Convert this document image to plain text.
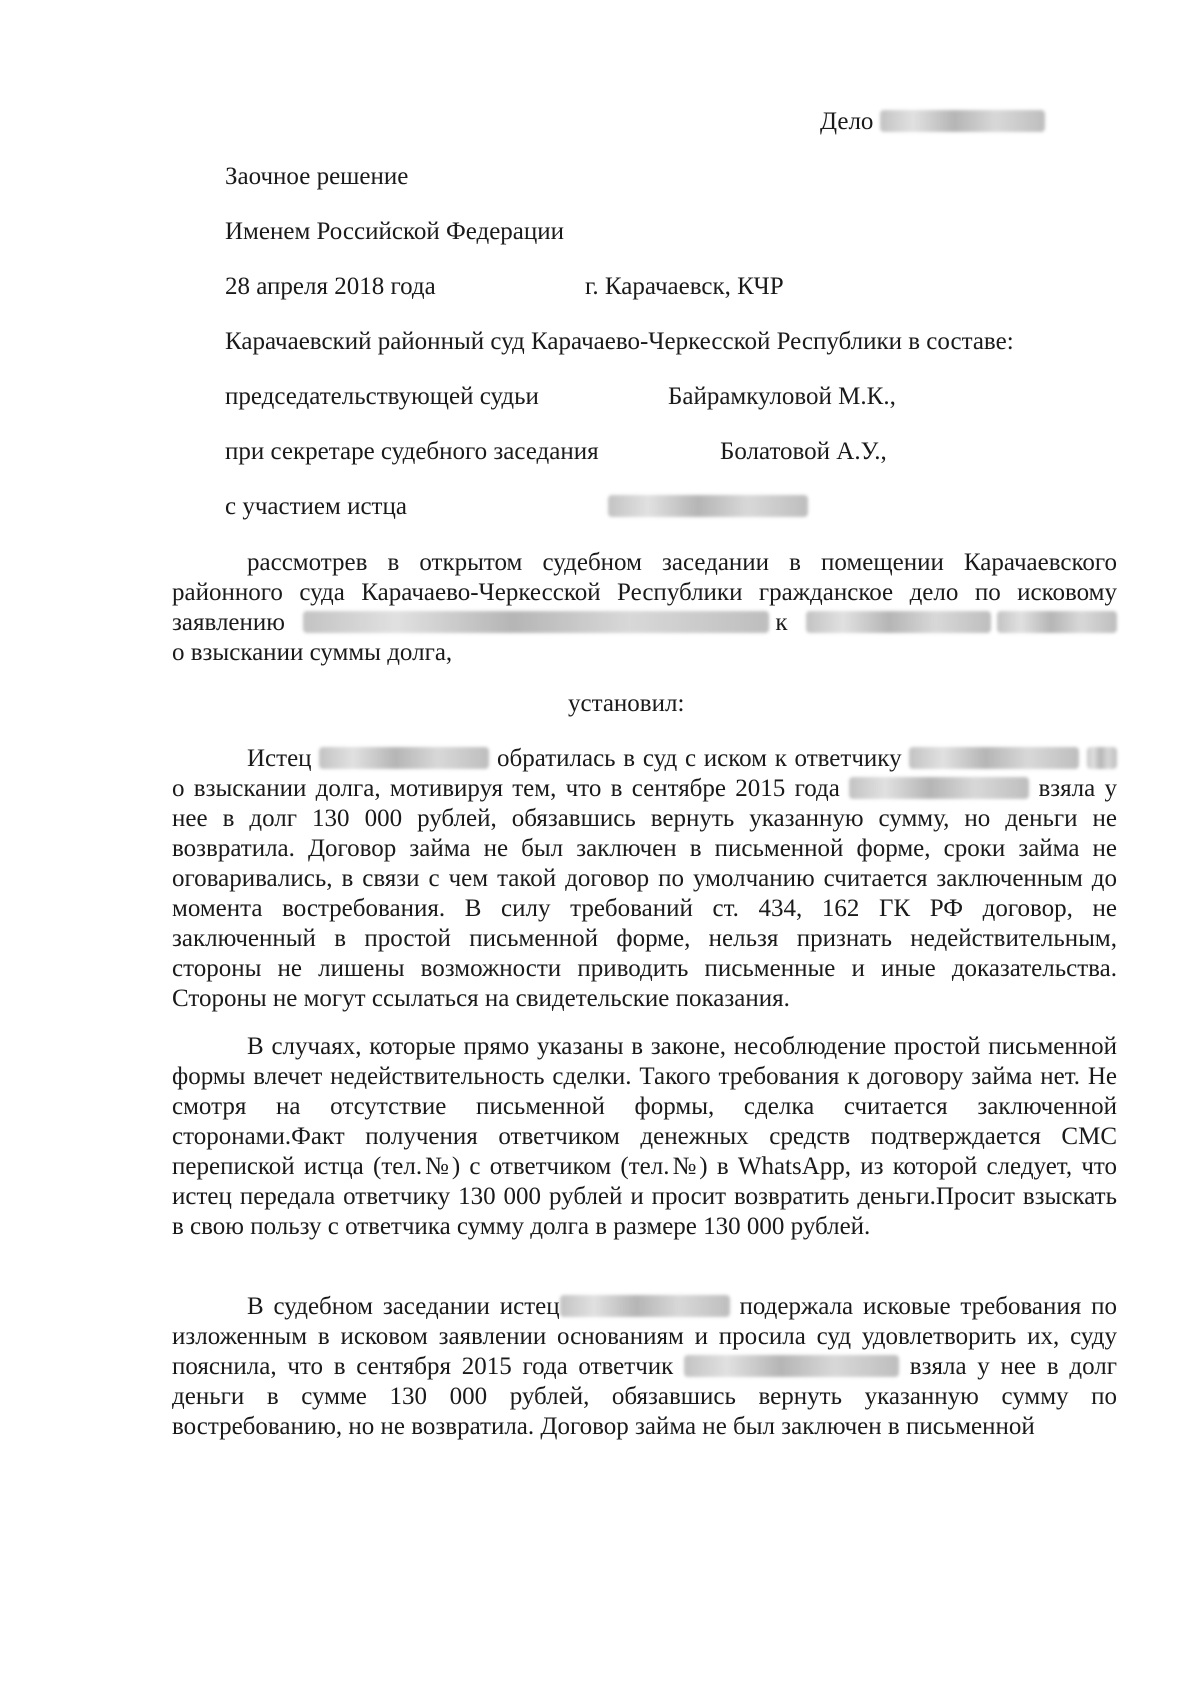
Дело
Заочное решение
Именем Российской Федерации
28 апреля 2018 года	г. Карачаевск, КЧР
Карачаевский районный суд Карачаево-Черкесской Республики в составе:
председательствующей судьи	Байрамкуловой М.К.,
при секретаре судебного заседания	Болатовой А.У.,
с участием истца
рассмотрев в открытом судебном заседании в помещении Карачаевского районного суда Карачаево-Черкесской Республики гражданское дело по исковому заявлению	к  о взыскании суммы долга,
установил:
Истец	обратилась в суд с иском к ответчику   о взыскании долга, мотивируя тем, что в сентябре 2015 года	взяла у нее в долг 130 000 рублей, обязавшись вернуть указанную сумму, но деньги не возвратила. Договор займа не был заключен в письменной форме, сроки займа не оговаривались, в связи с чем такой договор по умолчанию считается заключенным до момента востребования. В силу требований ст. 434, 162 ГК РФ договор, не заключенный в простой письменной форме, нельзя признать недействительным, стороны не лишены возможности приводить письменные и иные доказательства. Стороны не могут ссылаться на свидетельские показания.
В случаях, которые прямо указаны в законе, несоблюдение простой письменной формы влечет недействительность сделки. Такого требования к договору займа нет. Не смотря на отсутствие письменной формы, сделка считается заключенной сторонами.Факт получения ответчиком денежных средств подтверждается СМС перепиской истца (тел.№) с ответчиком (тел.№) в WhatsApp, из которой следует, что истец передала ответчику 130 000 рублей и просит возвратить деньги.Просит взыскать в свою пользу с ответчика сумму долга в размере 130 000 рублей.
В судебном заседании истец	подержала исковые требования по изложенным в исковом заявлении основаниям и просила суд удовлетворить их, суду пояснила, что в сентября 2015 года ответчик	взяла у нее в долг деньги в сумме 130 000 рублей, обязавшись вернуть указанную сумму по востребованию, но не возвратила. Договор займа не был заключен в письменной
